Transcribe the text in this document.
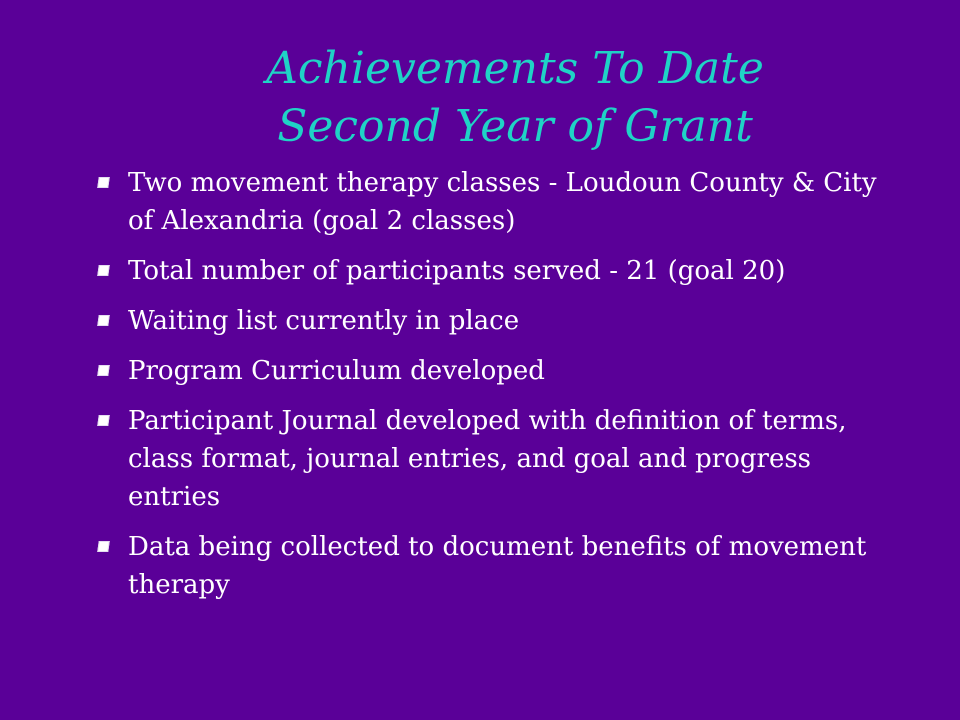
Achievements To Date
Second Year of Grant
Two movement therapy classes - Loudoun County & City of Alexandria (goal 2 classes)
Total number of participants served - 21 (goal 20)
Waiting list currently in place
Program Curriculum developed
Participant Journal developed with definition of terms, class format, journal entries, and goal and progress entries
Data being collected to document benefits of movement therapy
